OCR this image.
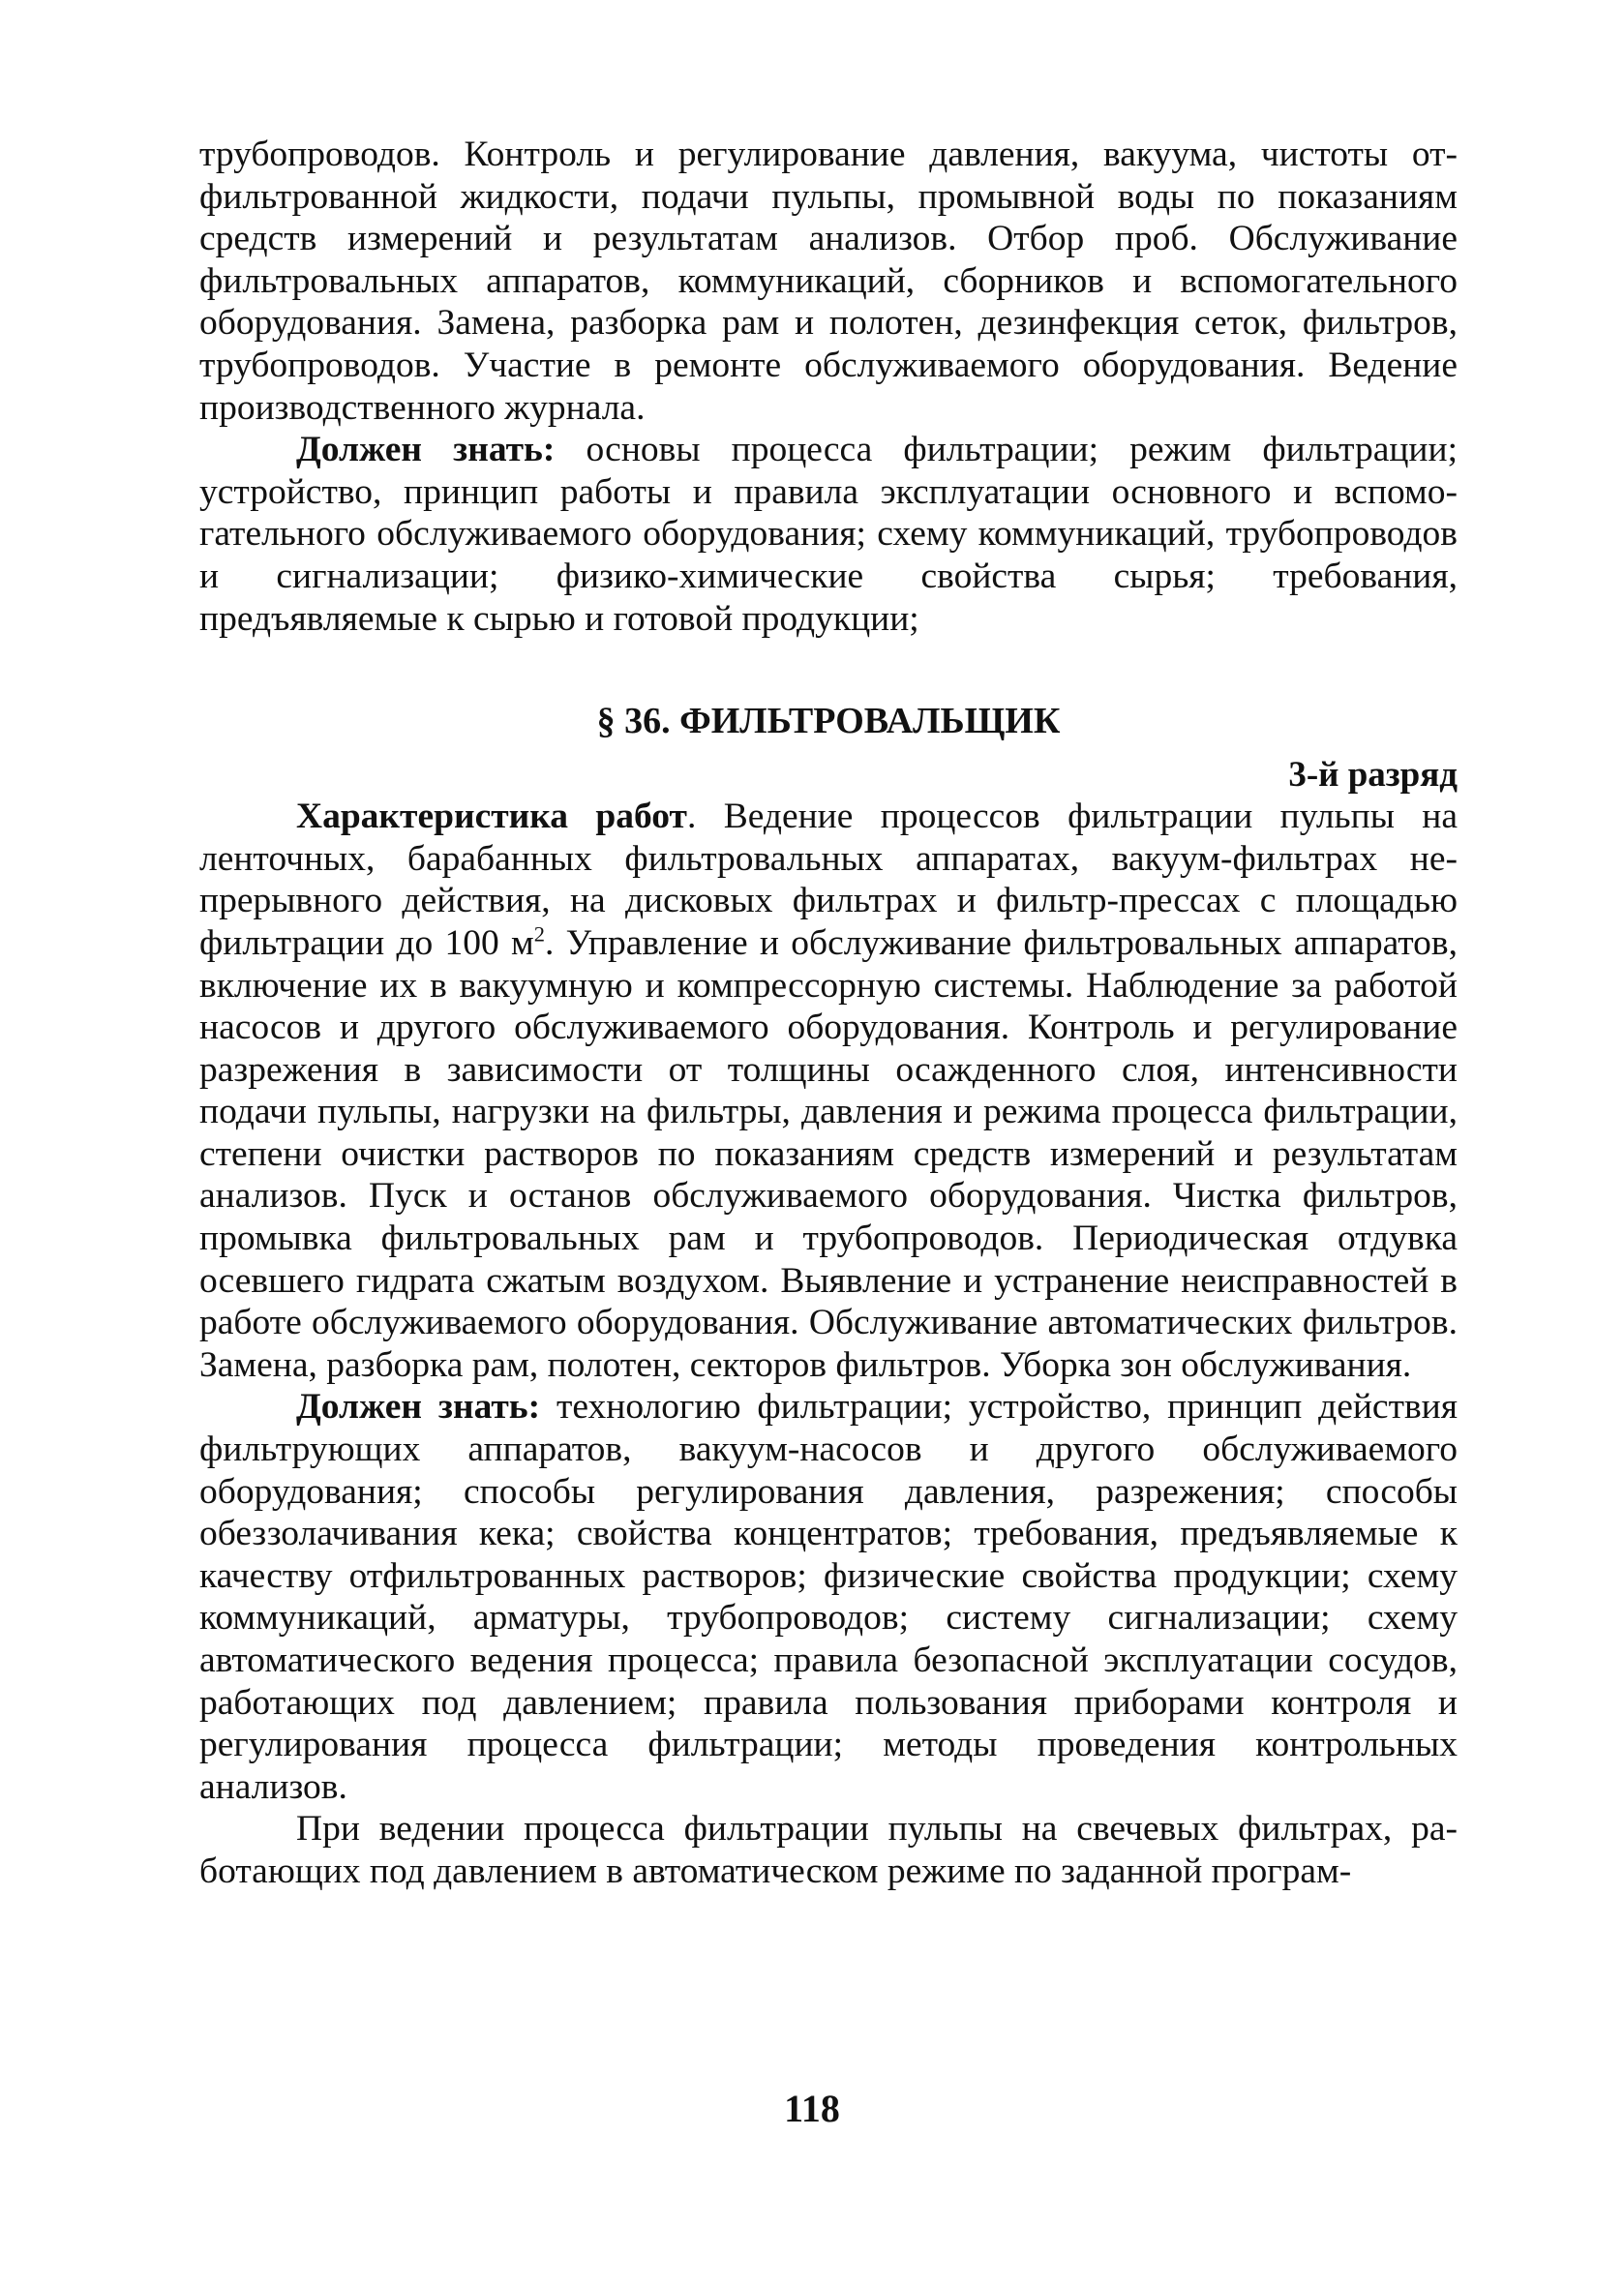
трубопроводов. Контроль и регулирование давления, вакуума, чистоты отфильтрованной жидкости, подачи пульпы, промывной воды по показаниям средств измерений и результатам анализов. Отбор проб. Обслуживание фильтровальных аппаратов, коммуникаций, сборников и вспомогательного оборудования. Замена, разборка рам и полотен, дезинфекция сеток, фильтров, трубопроводов. Участие в ремонте обслуживаемого оборудования. Ведение производственного журнала.

Должен знать: основы процесса фильтрации; режим фильтрации; устройство, принцип работы и правила эксплуатации основного и вспомогательного обслуживаемого оборудования; схему коммуникаций, трубопроводов и сигнализации; физико-химические свойства сырья; требования, предъявляемые к сырью и готовой продукции;

§ 36. ФИЛЬТРОВАЛЬЩИК
3-й разряд

Характеристика работ. Ведение процессов фильтрации пульпы на ленточных, барабанных фильтровальных аппаратах, вакуум-фильтрах непрерывного действия, на дисковых фильтрах и фильтр-прессах с площадью фильтрации до 100 $м^2$. Управление и обслуживание фильтровальных аппаратов, включение их в вакуумную и компрессорную системы. Наблюдение за работой насосов и другого обслуживаемого оборудования. Контроль и регулирование разрежения в зависимости от толщины осажденного слоя, интенсивности подачи пульпы, нагрузки на фильтры, давления и режима процесса фильтрации, степени очистки растворов по показаниям средств измерений и результатам анализов. Пуск и останов обслуживаемого оборудования. Чистка фильтров, промывка фильтровальных рам и трубопроводов. Периодическая отдувка осевшего гидрата сжатым воздухом. Выявление и устранение неисправностей в работе обслуживаемого оборудования. Обслуживание автоматических фильтров. Замена, разборка рам, полотен, секторов фильтров. Уборка зон обслуживания.

Должен знать: технологию фильтрации; устройство, принцип действия фильтрующих аппаратов, вакуум-насосов и другого обслуживаемого оборудования; способы регулирования давления, разрежения; способы обеззолачивания кека; свойства концентратов; требования, предъявляемые к качеству отфильтрованных растворов; физические свойства продукции; схему коммуникаций, арматуры, трубопроводов; систему сигнализации; схему автоматического ведения процесса; правила безопасной эксплуатации сосудов, работающих под давлением; правила пользования приборами контроля и регулирования процесса фильтрации; методы проведения контрольных анализов.

При ведении процесса фильтрации пульпы на свечевых фильтрах, работающих под давлением в автоматическом режиме по заданной програм-

118
